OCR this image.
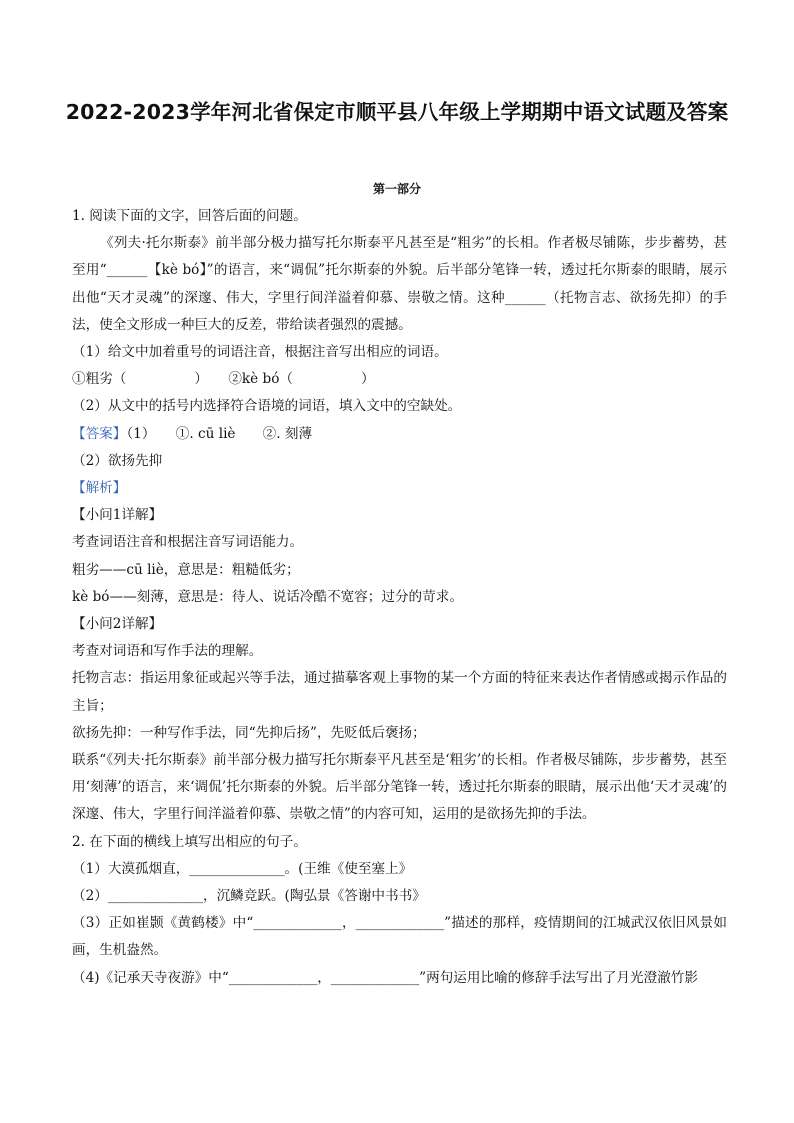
2022-2023学年河北省保定市顺平县八年级上学期期中语文试题及答案
第一部分

1. 阅读下面的文字，回答后面的问题。

《列夫·托尔斯泰》前半部分极力描写托尔斯泰平凡甚至是“粗劣”的长相。作者极尽铺陈，步步蓄势，甚至用“______【kè bó】”的语言，来“调侃”托尔斯泰的外貌。后半部分笔锋一转，透过托尔斯泰的眼睛，展示出他“天才灵魂”的深邃、伟大，字里行间洋溢着仰慕、崇敬之情。这种______（托物言志、欲扬先抑）的手法，使全文形成一种巨大的反差，带给读者强烈的震撼。

（1）给文中加着重号的词语注音，根据注音写出相应的词语。

①粗劣（　　　　　）　　②kè bó（　　　　　）

（2）从文中的括号内选择符合语境的词语，填入文中的空缺处。

【答案】（1）　　①. cū liè　　②. 刻薄

（2）欲扬先抑

【解析】

【小问1详解】

考查词语注音和根据注音写词语能力。

粗劣——cū liè，意思是：粗糙低劣；

kè bó——刻薄，意思是：待人、说话冷酷不宽容；过分的苛求。

【小问2详解】

考查对词语和写作手法的理解。

托物言志：指运用象征或起兴等手法，通过描摹客观上事物的某一个方面的特征来表达作者情感或揭示作品的主旨；

欲扬先抑：一种写作手法，同“先抑后扬”，先贬低后褒扬；

联系“《列夫·托尔斯泰》前半部分极力描写托尔斯泰平凡甚至是‘粗劣’的长相。作者极尽铺陈，步步蓄势，甚至用‘刻薄’的语言，来‘调侃’托尔斯泰的外貌。后半部分笔锋一转，透过托尔斯泰的眼睛，展示出他‘天才灵魂’的深邃、伟大，字里行间洋溢着仰慕、崇敬之情”的内容可知，运用的是欲扬先抑的手法。

2. 在下面的横线上填写出相应的句子。

（1）大漠孤烟直，______________。(王维《使至塞上》

（2）______________，沉鳞竞跃。(陶弘景《答谢中书书》

（3）正如崔颢《黄鹤楼》中“_____________，_____________”描述的那样，疫情期间的江城武汉依旧风景如画，生机盎然。

（4)《记承天寺夜游》中“_____________，_____________”两句运用比喻的修辞手法写出了月光澄澈竹影
